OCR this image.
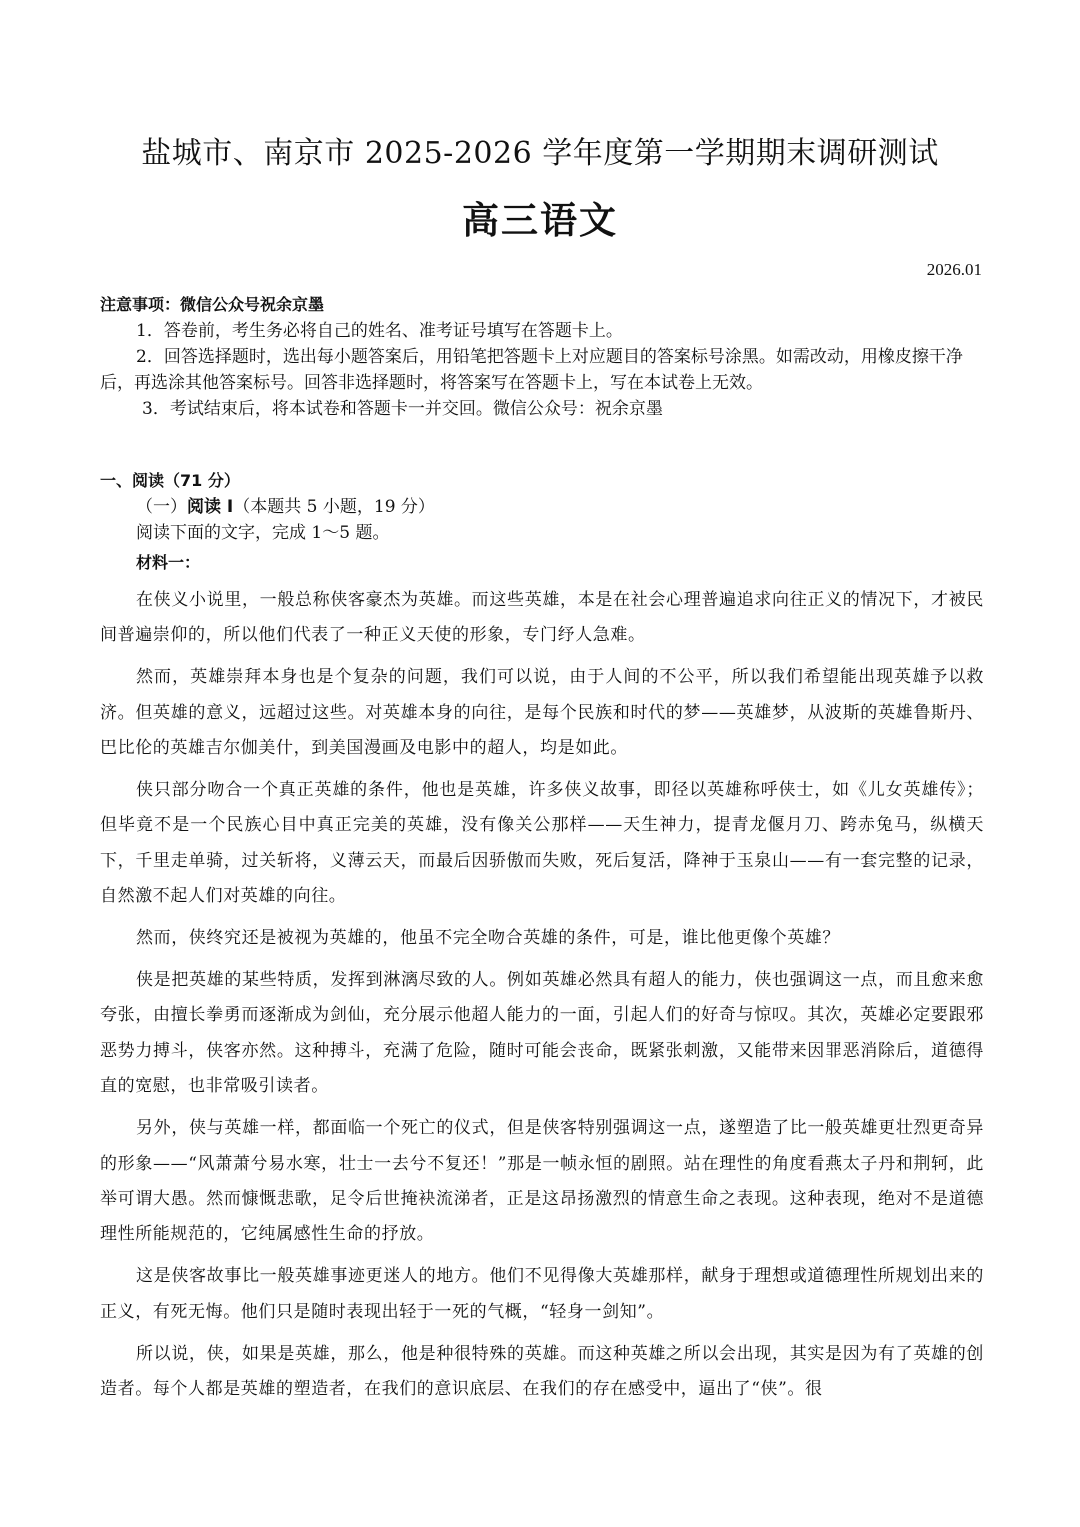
盐城市、南京市 2025-2026 学年度第一学期期末调研测试
高三语文
2026.01
注意事项：微信公众号祝余京墨

1．答卷前，考生务必将自己的姓名、准考证号填写在答题卡上。

2．回答选择题时，选出每小题答案后，用铅笔把答题卡上对应题目的答案标号涂黑。如需改动，用橡皮擦干净后，再选涂其他答案标号。回答非选择题时，将答案写在答题卡上，写在本试卷上无效。

3．考试结束后，将本试卷和答题卡一并交回。微信公众号：祝余京墨

一、阅读（71 分）
（一）阅读 I（本题共 5 小题，19 分）
阅读下面的文字，完成 1～5 题。
材料一：

在侠义小说里，一般总称侠客豪杰为英雄。而这些英雄，本是在社会心理普遍追求向往正义的情况下，才被民间普遍崇仰的，所以他们代表了一种正义天使的形象，专门纾人急难。

然而，英雄崇拜本身也是个复杂的问题，我们可以说，由于人间的不公平，所以我们希望能出现英雄予以救济。但英雄的意义，远超过这些。对英雄本身的向往，是每个民族和时代的梦——英雄梦，从波斯的英雄鲁斯丹、巴比伦的英雄吉尔伽美什，到美国漫画及电影中的超人，均是如此。

侠只部分吻合一个真正英雄的条件，他也是英雄，许多侠义故事，即径以英雄称呼侠士，如《儿女英雄传》；但毕竟不是一个民族心目中真正完美的英雄，没有像关公那样——天生神力，提青龙偃月刀、跨赤兔马，纵横天下，千里走单骑，过关斩将，义薄云天，而最后因骄傲而失败，死后复活，降神于玉泉山——有一套完整的记录，自然激不起人们对英雄的向往。

然而，侠终究还是被视为英雄的，他虽不完全吻合英雄的条件，可是，谁比他更像个英雄？

侠是把英雄的某些特质，发挥到淋漓尽致的人。例如英雄必然具有超人的能力，侠也强调这一点，而且愈来愈夸张，由擅长拳勇而逐渐成为剑仙，充分展示他超人能力的一面，引起人们的好奇与惊叹。其次，英雄必定要跟邪恶势力搏斗，侠客亦然。这种搏斗，充满了危险，随时可能会丧命，既紧张刺激，又能带来因罪恶消除后，道德得直的宽慰，也非常吸引读者。

另外，侠与英雄一样，都面临一个死亡的仪式，但是侠客特别强调这一点，遂塑造了比一般英雄更壮烈更奇异的形象——“风萧萧兮易水寒，壮士一去兮不复还！”那是一帧永恒的剧照。站在理性的角度看燕太子丹和荆轲，此举可谓大愚。然而慷慨悲歌，足令后世掩袂流涕者，正是这昂扬激烈的情意生命之表现。这种表现，绝对不是道德理性所能规范的，它纯属感性生命的抒放。

这是侠客故事比一般英雄事迹更迷人的地方。他们不见得像大英雄那样，献身于理想或道德理性所规划出来的正义，有死无悔。他们只是随时表现出轻于一死的气概，“轻身一剑知”。

所以说，侠，如果是英雄，那么，他是种很特殊的英雄。而这种英雄之所以会出现，其实是因为有了英雄的创造者。每个人都是英雄的塑造者，在我们的意识底层、在我们的存在感受中，逼出了“侠”。很
